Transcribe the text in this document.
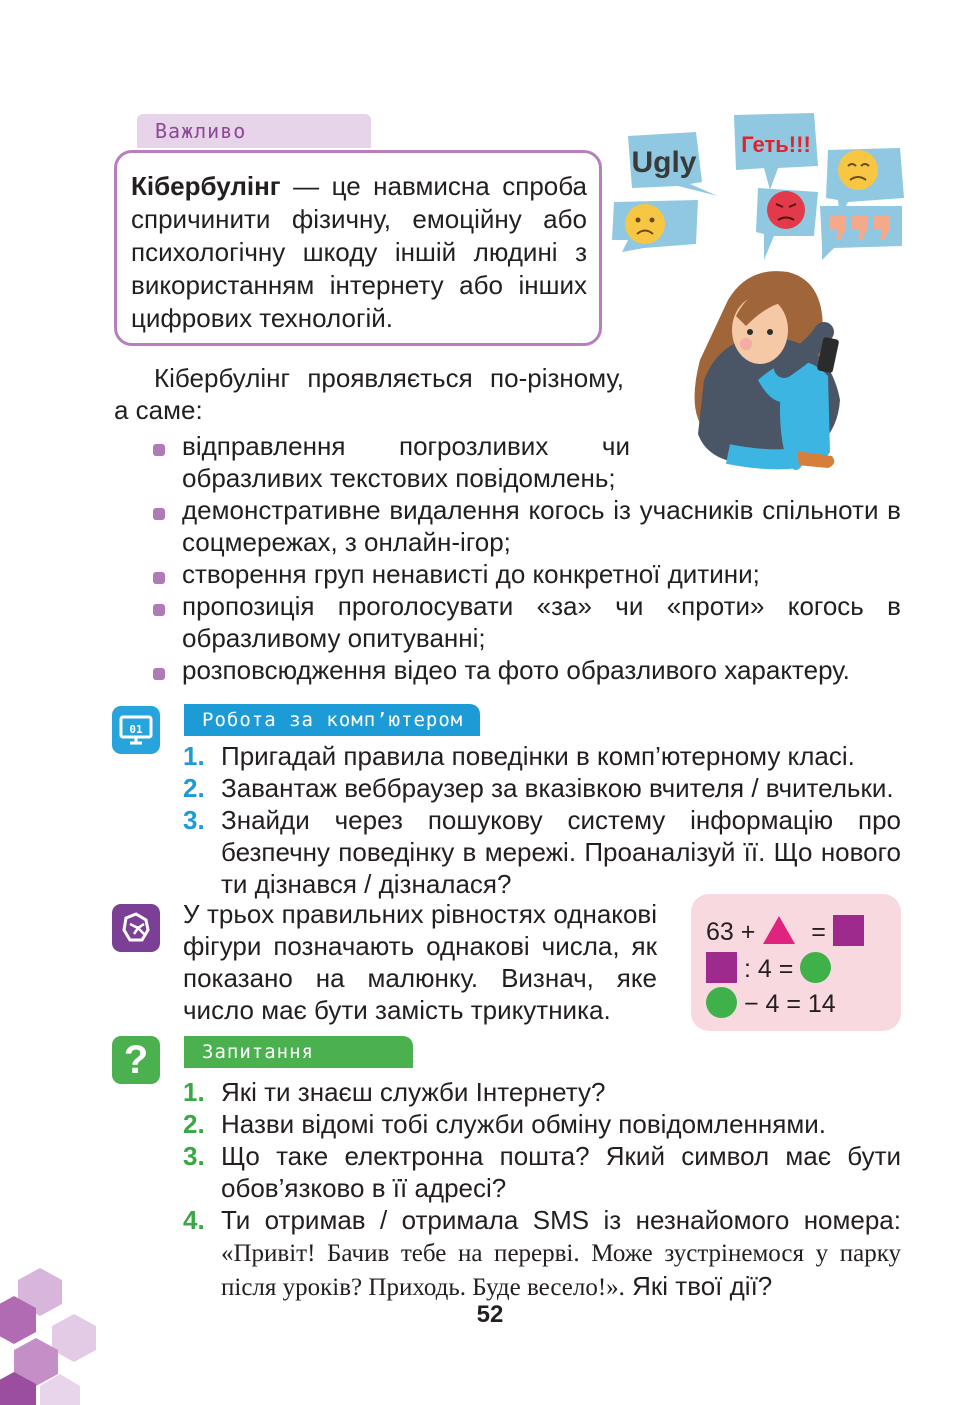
Важливо
Кібербулінг — це навмисна спроба спричинити фізичну, емоційну або психологічну шкоду іншій людині з використанням інтернету або інших цифрових технологій.
Ugly
Геть!!!
Кібербулінг проявляється по-різному, а саме:
відправлення погрозливих чи образливих текстових повідомлень;
демонстративне видалення когось із учасників спільноти в соцмережах, з онлайн-ігор;
створення груп ненависті до конкретної дитини;
пропозиція проголосувати «за» чи «проти» когось в образливому опитуванні;
розповсюдження відео та фото образливого характеру.
01	Робота за комп’ютером
1. Пригадай правила поведінки в комп’ютерному класі.
2. Завантаж веббраузер за вказівкою вчителя / вчительки.
3. Знайди через пошукову систему інформацію про безпечну поведінку в мережі. Проаналізуй її. Що нового ти дізнався / дізналася?
У трьох правильних рівностях однакові фігури позначають однакові числа, як показано на малюнку. Визнач, яке число має бути замість трикутника.
63 + =
: 4 =
− 4 = 14
?	Запитання
1. Які ти знаєш служби Інтернету?
2. Назви відомі тобі служби обміну повідомленнями.
3. Що таке електронна пошта? Який символ має бути обов’язково в її адресі?
4. Ти отримав / отримала SMS із незнайомого номера: «Привіт! Бачив тебе на перерві. Може зустрінемося у парку після уроків? Приходь. Буде весело!». Які твої дії?
52
